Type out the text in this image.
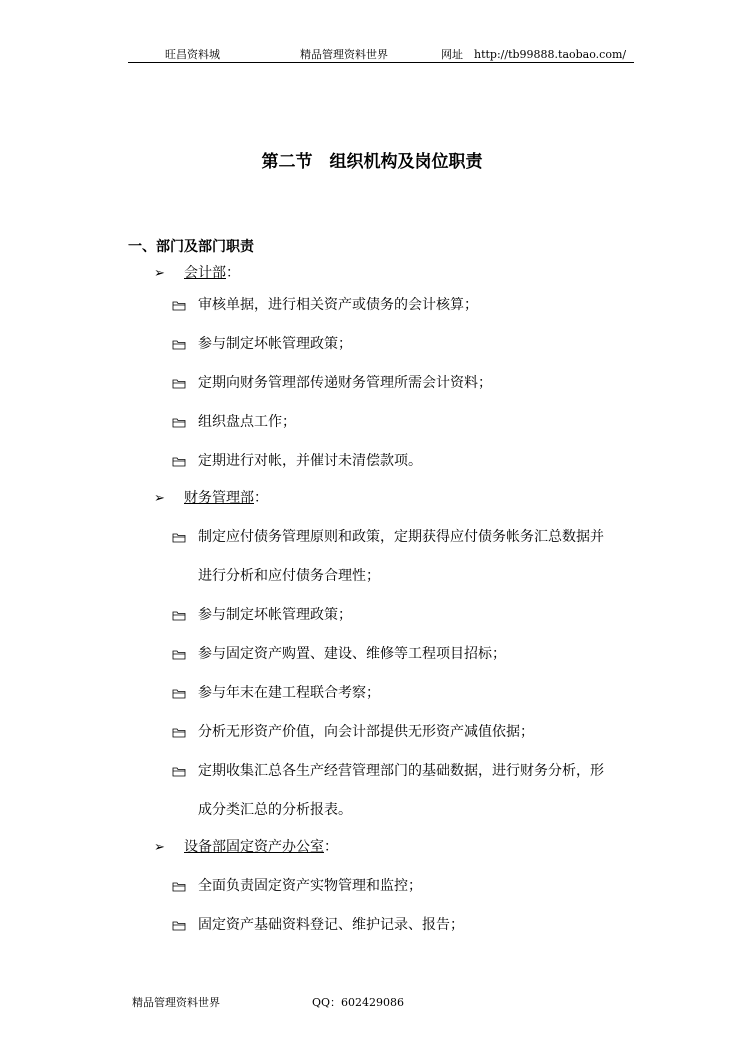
旺昌资料城	精品管理资料世界	网址　http://tb99888.taobao.com/
第二节　组织机构及岗位职责
一、部门及部门职责
➢ 会计部：
审核单据，进行相关资产或债务的会计核算；
参与制定坏帐管理政策；
定期向财务管理部传递财务管理所需会计资料；
组织盘点工作；
定期进行对帐，并催讨未清偿款项。
➢ 财务管理部：
制定应付债务管理原则和政策，定期获得应付债务帐务汇总数据并
进行分析和应付债务合理性；
参与制定坏帐管理政策；
参与固定资产购置、建设、维修等工程项目招标；
参与年末在建工程联合考察；
分析无形资产价值，向会计部提供无形资产减值依据；
定期收集汇总各生产经营管理部门的基础数据，进行财务分析，形
成分类汇总的分析报表。
➢ 设备部固定资产办公室：
全面负责固定资产实物管理和监控；
固定资产基础资料登记、维护记录、报告；
精品管理资料世界	QQ：602429086
